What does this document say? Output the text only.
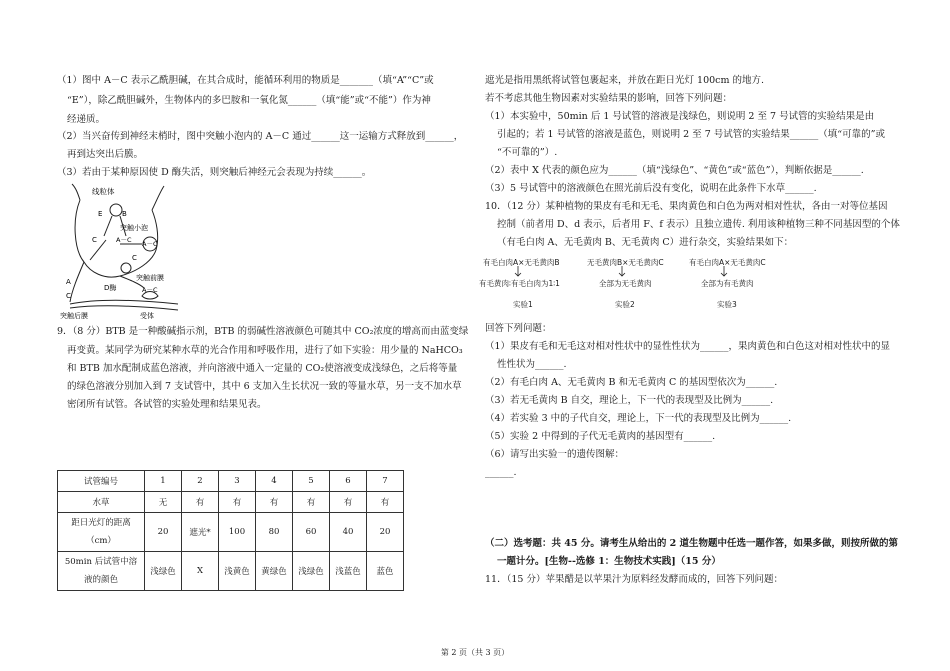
（1）图中 A－C 表示乙酰胆碱，在其合成时，能循环利用的物质是_______（填“A”“C”或
“E”），除乙酰胆碱外，生物体内的多巴胺和一氧化氮______（填“能”或“不能”）作为神
经递质。
（2）当兴奋传到神经末梢时，图中突触小泡内的 A－C 通过______这一运输方式释放到______，
再到达突出后膜。
（3）若由于某种原因使 D 酶失活，则突触后神经元会表现为持续______。
线粒体
E	B
突触小泡
C	A－C A－C
C
突触前膜
D酶	A－C
A
C
突触后膜	受体
9．（8 分）BTB 是一种酸碱指示剂，BTB 的弱碱性溶液颜色可随其中 CO₂浓度的增高而由蓝变绿
再变黄。某同学为研究某种水草的光合作用和呼吸作用，进行了如下实验：用少量的 NaHCO₃
和 BTB 加水配制成蓝色溶液，并向溶液中通入一定量的 CO₂使溶液变成浅绿色，之后将等量
的绿色溶液分别加入到 7 支试管中，其中 6 支加入生长状况一致的等量水草，另一支不加水草
密闭所有试管。各试管的实验处理和结果见表。
试管编号	1	2	3	4	5	6	7
水草	无	有	有	有	有	有	有
距日光灯的距离
（cm）	20	遮光*	100	80	60	40	20
50min 后试管中溶
液的颜色	浅绿色	X	浅黄色	黄绿色	浅绿色	浅蓝色	蓝色
遮光是指用黑纸将试管包裹起来，并放在距日光灯 100cm 的地方.
若不考虑其他生物因素对实验结果的影响，回答下列问题：
（1）本实验中，50min 后 1 号试管的溶液是浅绿色，则说明 2 至 7 号试管的实验结果是由
引起的；若 1 号试管的溶液是蓝色，则说明 2 至 7 号试管的实验结果______（填“可靠的”或
“不可靠的”）.
（2）表中 X 代表的颜色应为______（填“浅绿色”、“黄色”或“蓝色”），判断依据是______.
（3）5 号试管中的溶液颜色在照光前后没有变化，说明在此条件下水草______.
10．（12 分）某种植物的果皮有毛和无毛、果肉黄色和白色为两对相对性状，各由一对等位基因
控制（前者用 D、d 表示，后者用 F、f 表示）且独立遗传. 利用该种植物三种不同基因型的个体
（有毛白肉 A、无毛黄肉 B、无毛黄肉 C）进行杂交，实验结果如下：
有毛白肉A×无毛黄肉B
有毛黄肉∶有毛白肉为1∶1
实验1
无毛黄肉B×无毛黄肉C
全部为无毛黄肉
实验2
有毛白肉A×无毛黄肉C
全部为有毛黄肉
实验3
回答下列问题：
（1）果皮有毛和无毛这对相对性状中的显性性状为______，果肉黄色和白色这对相对性状中的显
性性状为______.
（2）有毛白肉 A、无毛黄肉 B 和无毛黄肉 C 的基因型依次为______.
（3）若无毛黄肉 B 自交，理论上，下一代的表现型及比例为______.
（4）若实验 3 中的子代自交，理论上，下一代的表现型及比例为______.
（5）实验 2 中得到的子代无毛黄肉的基因型有______.
（6）请写出实验一的遗传图解：
______.
（二）选考题：共 45 分。请考生从给出的 2 道生物题中任选一题作答，如果多做，则按所做的第
一题计分。[生物--选修 1：生物技术实践]（15 分）
11．（15 分）苹果醋是以苹果汁为原料经发酵而成的，回答下列问题：
第 2 页（共 3 页）
